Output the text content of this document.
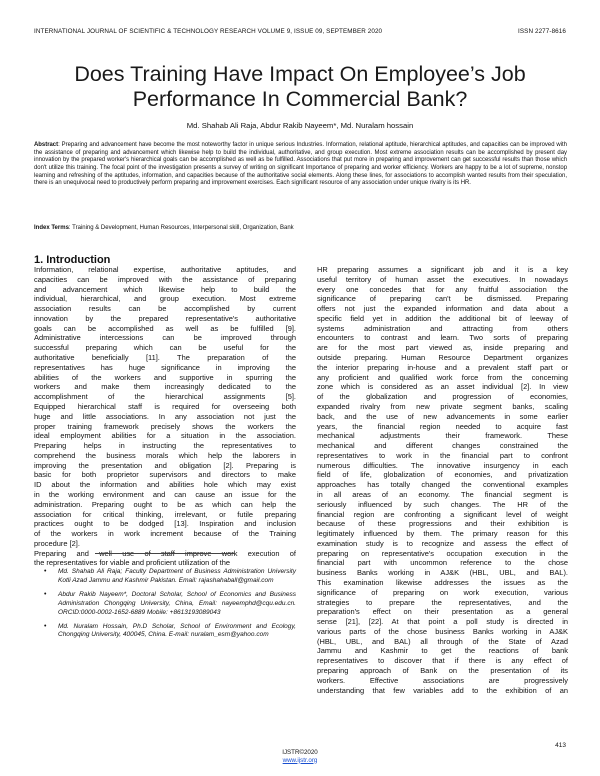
INTERNATIONAL JOURNAL OF SCIENTIFIC & TECHNOLOGY RESEARCH VOLUME 9, ISSUE 09, SEPTEMBER 2020	ISSN 2277-8616
Does Training Have Impact On Employee’s Job
Performance In Commercial Bank?
Md. Shahab Ali Raja, Abdur Rakib Nayeem*, Md. Nuralam hossain
Abstract: Preparing and advancement have become the most noteworthy factor in unique serious Industries. Information, relational aptitude, hierarchical aptitudes, and capacities can be improved with the assistance of preparing and advancement which likewise help to build the individual, authoritative, and group execution. Most extreme association results can be accomplished by present day innovation by the prepared worker's hierarchical goals can be accomplished as well as be fulfilled. Associations that put more in preparing and improvement can get successful results than those which don't utilize this training. The focal point of the investigation presents a survey of writing on significant Importance of preparing and worker efficiency. Workers are happy to be a lot of supreme, nonstop learning and refreshing of the aptitudes, information, and capacities because of the authoritative social elements. Along these lines, for associations to accomplish wanted results from their speculation, there is an unequivocal need to productively perform preparing and improvement exercises. Each significant resource of any association under unique rivalry is its HR.
Index Terms: Training & Development, Human Resources, Interpersonal skill, Organization, Bank
1. Introduction
Information, relational expertise, authoritative aptitudes, and
capacities can be improved with the assistance of preparing
and advancement which likewise help to build the
individual, hierarchical, and group execution. Most extreme
association results can be accomplished by current
innovation by the prepared representative's authoritative
goals can be accomplished as well as be fulfilled [9].
Administrative intercessions can be improved through
successful preparing which can be useful for the
authoritative beneficially [11]. The preparation of the
representatives has huge significance in improving the
abilities of the workers and supportive in spurring the
workers and make them increasingly dedicated to the
accomplishment of the hierarchical assignments [5].
Equipped hierarchical staff is required for overseeing both
huge and little associations. In any association not just the
proper training framework precisely shows the workers the
ideal employment abilities for a situation in the association.
Preparing helps in instructing the representatives to
comprehend the business morals which help the laborers in
improving the presentation and obligation [2]. Preparing is
basic for both proprietor supervisors and directors to make
ID about the information and abilities hole which may exist
in the working environment and can cause an issue for the
administration. Preparing ought to be as which can help the
association for critical thinking, irrelevant, or futile preparing
practices ought to be dodged [13]. Inspiration and inclusion
of the workers in work increment because of the Training
procedure [2].
Preparing and well use of staff improve work execution of
the representatives for viable and proficient utilization of the
HR preparing assumes a significant job and it is a key
useful territory of human asset the executives. In nowadays
every one concedes that for any fruitful association the
significance of preparing can't be dismissed. Preparing
offers not just the expanded information and data about a
specific field yet in addition the additional bit of leeway of
systems administration and attracting from others
encounters to contrast and learn. Two sorts of preparing
are for the most part viewed as, inside preparing and
outside preparing. Human Resource Department organizes
the interior preparing in-house and a prevalent staff part or
any proficient and qualified work force from the concerning
zone which is considered as an asset individual [2]. In view
of the globalization and progression of economies,
expanded rivalry from new private segment banks, scaling
back, and the use of new advancements in some earlier
years, the financial region needed to acquire fast
mechanical adjustments their framework. These
mechanical and different changes constrained the
representatives to work in the financial part to confront
numerous difficulties. The innovative insurgency in each
field of life, globalization of economies, and privatization
approaches has totally changed the conventional examples
in all areas of an economy. The financial segment is
seriously influenced by such changes. The HR of the
financial region are confronting a significant level of weight
because of these progressions and their exhibition is
legitimately influenced by them. The primary reason for this
examination study is to recognize and assess the effect of
preparing on representative's occupation execution in the
financial part with uncommon reference to the chose
business Banks working in AJ&K (HBL, UBL, and BAL).
This examination likewise addresses the issues as the
significance of preparing on work execution, various
strategies to prepare the representatives, and the
preparation's effect on their presentation as a general
sense [21], [22]. At that point a poll study is directed in
various parts of the chose business Banks working in AJ&K
(HBL, UBL, and BAL) all through of the State of Azad
Jammu and Kashmir to get the reactions of bank
representatives to discover that if there is any effect of
preparing approach of Bank on the presentation of its
workers. Effective associations are progressively
understanding that few variables add to the exhibition of an
• Md. Shahab Ali Raja; Faculty Department of Business Administration University Kotli Azad Jammu and Kashmir Pakistan. Email: rajashahaball@gmail.com
• Abdur Rakib Nayeem*, Doctoral Scholar, School of Economics and Business Administration Chongqing University, China, Email: nayeemphd@cqu.edu.cn. ORCID:0000-0002-1652-6889 Mobile: +8613193089043
• Md. Nuralam Hossain, Ph.D Scholar, School of Environment and Ecology, Chongqing University, 400045, China. E-mail: nuralam_esm@yahoo.com
413
IJSTR©2020
www.ijstr.org
